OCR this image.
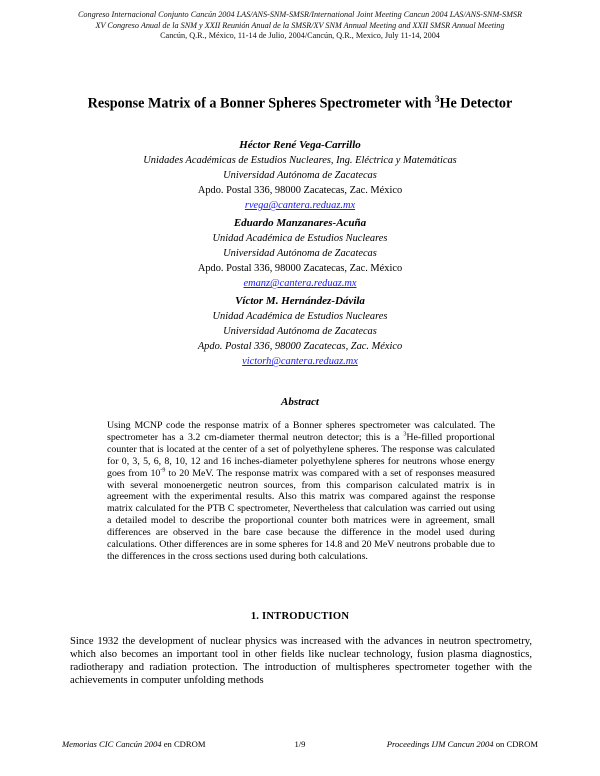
Congreso Internacional Conjunto Cancún 2004 LAS/ANS-SNM-SMSR/International Joint Meeting Cancun 2004 LAS/ANS-SNM-SMSR
XV Congreso Anual de la SNM y XXII Reunión Anual de la SMSR/XV SNM Annual Meeting and XXII SMSR Annual Meeting
Cancún, Q.R., México, 11-14 de Julio, 2004/Cancún, Q.R., Mexico, July 11-14, 2004
Response Matrix of a Bonner Spheres Spectrometer with $^3$He Detector
Héctor René Vega-Carrillo
Unidades Académicas de Estudios Nucleares, Ing. Eléctrica y Matemáticas
Universidad Autónoma de Zacatecas
Apdo. Postal 336, 98000 Zacatecas, Zac. México
rvega@cantera.reduaz.mx
Eduardo Manzanares-Acuña
Unidad Académica de Estudios Nucleares
Universidad Autónoma de Zacatecas
Apdo. Postal 336, 98000 Zacatecas, Zac. México
emanz@cantera.reduaz.mx
Víctor M. Hernández-Dávila
Unidad Académica de Estudios Nucleares
Universidad Autónoma de Zacatecas
Apdo. Postal 336, 98000 Zacatecas, Zac. México
victorh@cantera.reduaz.mx
Abstract
Using MCNP code the response matrix of a Bonner spheres spectrometer was calculated. The spectrometer has a 3.2 cm-diameter thermal neutron detector; this is a $^3$He-filled proportional counter that is located at the center of a set of polyethylene spheres. The response was calculated for 0, 3, 5, 6, 8, 10, 12 and 16 inches-diameter polyethylene spheres for neutrons whose energy goes from $10^{-9}$ to 20 MeV. The response matrix was compared with a set of responses measured with several monoenergetic neutron sources, from this comparison calculated matrix is in agreement with the experimental results. Also this matrix was compared against the response matrix calculated for the PTB C spectrometer, Nevertheless that calculation was carried out using a detailed model to describe the proportional counter both matrices were in agreement, small differences are observed in the bare case because the difference in the model used during calculations. Other differences are in some spheres for 14.8 and 20 MeV neutrons probable due to the differences in the cross sections used during both calculations.
1. INTRODUCTION
Since 1932 the development of nuclear physics was increased with the advances in neutron spectrometry, which also becomes an important tool in other fields like nuclear technology, fusion plasma diagnostics, radiotherapy and radiation protection. The introduction of multispheres spectrometer together with the achievements in computer unfolding methods
Memorias CIC Cancún 2004 en CDROM	1/9	Proceedings IJM Cancun 2004 on CDROM
